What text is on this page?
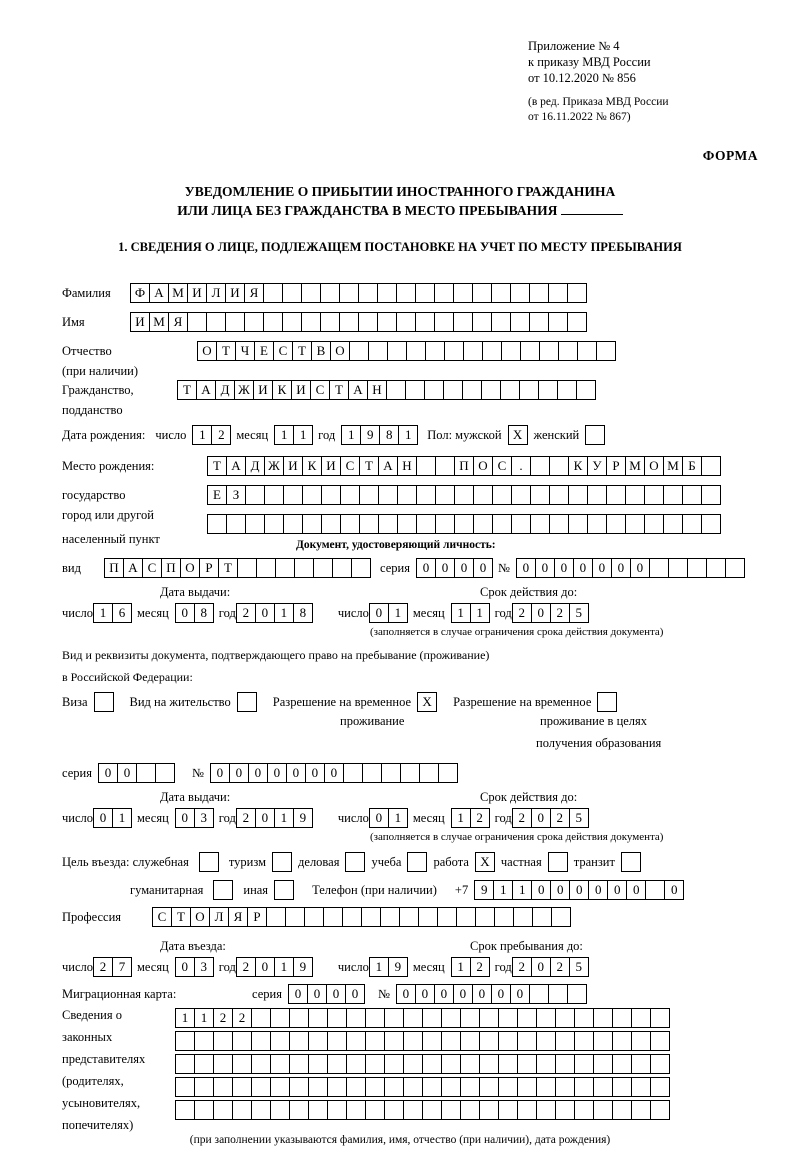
Приложение № 4
к приказу МВД России
от 10.12.2020 № 856
(в ред. Приказа МВД России
от 16.11.2022 № 867)
ФОРМА
УВЕДОМЛЕНИЕ О ПРИБЫТИИ ИНОСТРАННОГО ГРАЖДАНИНА
ИЛИ ЛИЦА БЕЗ ГРАЖДАНСТВА В МЕСТО ПРЕБЫВАНИЯ
1. СВЕДЕНИЯ О ЛИЦЕ, ПОДЛЕЖАЩЕМ ПОСТАНОВКЕ НА УЧЕТ ПО МЕСТУ ПРЕБЫВАНИЯ
Фамилия	Ф А М И Л И Я
Имя	И М Я
Отчество	О Т Ч Е С Т В О
(при наличии)
Гражданство,	Т А Д Ж И К И С Т А Н
подданство
Дата рождения: число 1 2 месяц 1 1 год 1 9 8 1	Пол: мужской X женский
Место рождения:	Т А Д Ж И К И С Т А Н	П О С	.	К У Р М О М Б
государство	Е З
город или другой
населенный пункт	Документ, удостоверяющий личность:
вид	П А С П О Р Т	серия 0 0 0 0 № 0 0 0 0 0 0 0
Дата выдачи:	Срок действия до:
число 1 6 месяц 0 8 год 2 0 1 8	число 0 1 месяц 1 1 год 2 0 2 5
(заполняется в случае ограничения срока действия документа)
Вид и реквизиты документа, подтверждающего право на пребывание (проживание)
в Российской Федерации:
Виза	Вид на жительство	Разрешение на временное X	Разрешение на временное
проживание	проживание в целях
получения образования
серия 0 0	№ 0 0 0 0 0 0 0
Дата выдачи:	Срок действия до:
число 0 1 месяц 0 3 год 2 0 1 9	число 0 1 месяц 1 2 год 2 0 2 5
(заполняется в случае ограничения срока действия документа)
Цель въезда: служебная	туризм	деловая	учеба	работа X частная	транзит
гуманитарная	иная	Телефон (при наличии) +7 9 1 1 0 0 0 0 0 0	0
Профессия	С Т О Л Я Р
Дата въезда:	Срок пребывания до:
число 2 7 месяц 0 3 год 2 0 1 9	число 1 9 месяц 1 2 год 2 0 2 5
Миграционная карта:	серия 0 0 0 0	№ 0 0 0 0 0 0 0
Сведения о
законных
представителях
(родителях,
усыновителях,
попечителях)
1 1 2 2
(при заполнении указываются фамилия, имя, отчество (при наличии), дата рождения)
